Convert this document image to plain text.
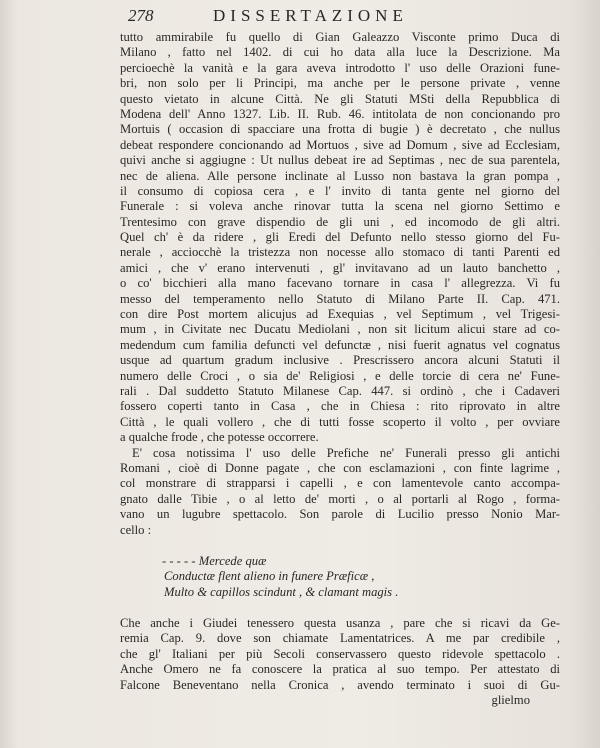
278	DISSERTAZIONE
tutto ammirabile fu quello di Gian Galeazzo Visconte primo Duca di
Milano , fatto nel 1402. di cui ho data alla luce la Descrizione. Ma
percioechè la vanità e la gara aveva introdotto l' uso delle Orazioni fune-
bri, non solo per li Principi, ma anche per le persone private , venne
questo vietato in alcune Città. Ne gli Statuti MSti della Repubblica di
Modena dell' Anno 1327. Lib. II. Rub. 46. intitolata de non concionando pro
Mortuis ( occasion di spacciare una frotta di bugie ) è decretato , che nullus
debeat respondere concionando ad Mortuos , sive ad Domum , sive ad Ecclesiam,
quivi anche si aggiugne : Ut nullus debeat ire ad Septimas , nec de sua parentela,
nec de aliena. Alle persone inclinate al Lusso non bastava la gran pompa ,
il consumo di copiosa cera , e l' invito di tanta gente nel giorno del
Funerale : si voleva anche rinovar tutta la scena nel giorno Settimo e
Trentesimo con grave dispendio de gli uni , ed incomodo de gli altri.
Quel ch' è da ridere , gli Eredi del Defunto nello stesso giorno del Fu-
nerale , acciocchè la tristezza non nocesse allo stomaco di tanti Parenti ed
amici , che v' erano intervenuti , gl' invitavano ad un lauto banchetto ,
o co' bicchieri alla mano facevano tornare in casa l' allegrezza. Vi fu
messo del temperamento nello Statuto di Milano Parte II. Cap. 471.
con dire Post mortem alicujus ad Exequias , vel Septimum , vel Trigesi-
mum , in Civitate nec Ducatu Mediolani , non sit licitum alicui stare ad co-
medendum cum familia defuncti vel defunctæ , nisi fuerit agnatus vel cognatus
usque ad quartum gradum inclusive . Prescrissero ancora alcuni Statuti il
numero delle Croci , o sia de' Religiosi , e delle torcie di cera ne' Fune-
rali . Dal suddetto Statuto Milanese Cap. 447. si ordinò , che i Cadaveri
fossero coperti tanto in Casa , che in Chiesa : rito riprovato in altre
Città , le quali vollero , che di tutti fosse scoperto il volto , per ovviare
a qualche frode , che potesse occorrere.
E' cosa notissima l' uso delle Prefiche ne' Funerali presso gli antichi
Romani , cioè di Donne pagate , che con esclamazioni , con finte lagrime ,
col monstrare di strapparsi i capelli , e con lamentevole canto accompa-
gnato dalle Tibie , o al letto de' morti , o al portarli al Rogo , forma-
vano un lugubre spettacolo. Son parole di Lucilio presso Nonio Mar-
cello :
- - - - - Mercede quæ
Conductæ flent alieno in funere Præficæ ,
Multo & capillos scindunt , & clamant magis .
Che anche i Giudei tenessero questa usanza , pare che si ricavi da Ge-
remia Cap. 9. dove son chiamate Lamentatrices. A me par credibile ,
che gl' Italiani per più Secoli conservassero questo ridevole spettacolo .
Anche Omero ne fa conoscere la pratica al suo tempo. Per attestato di
Falcone Beneventano nella Cronica , avendo terminato i suoi di Gu-
glielmo
